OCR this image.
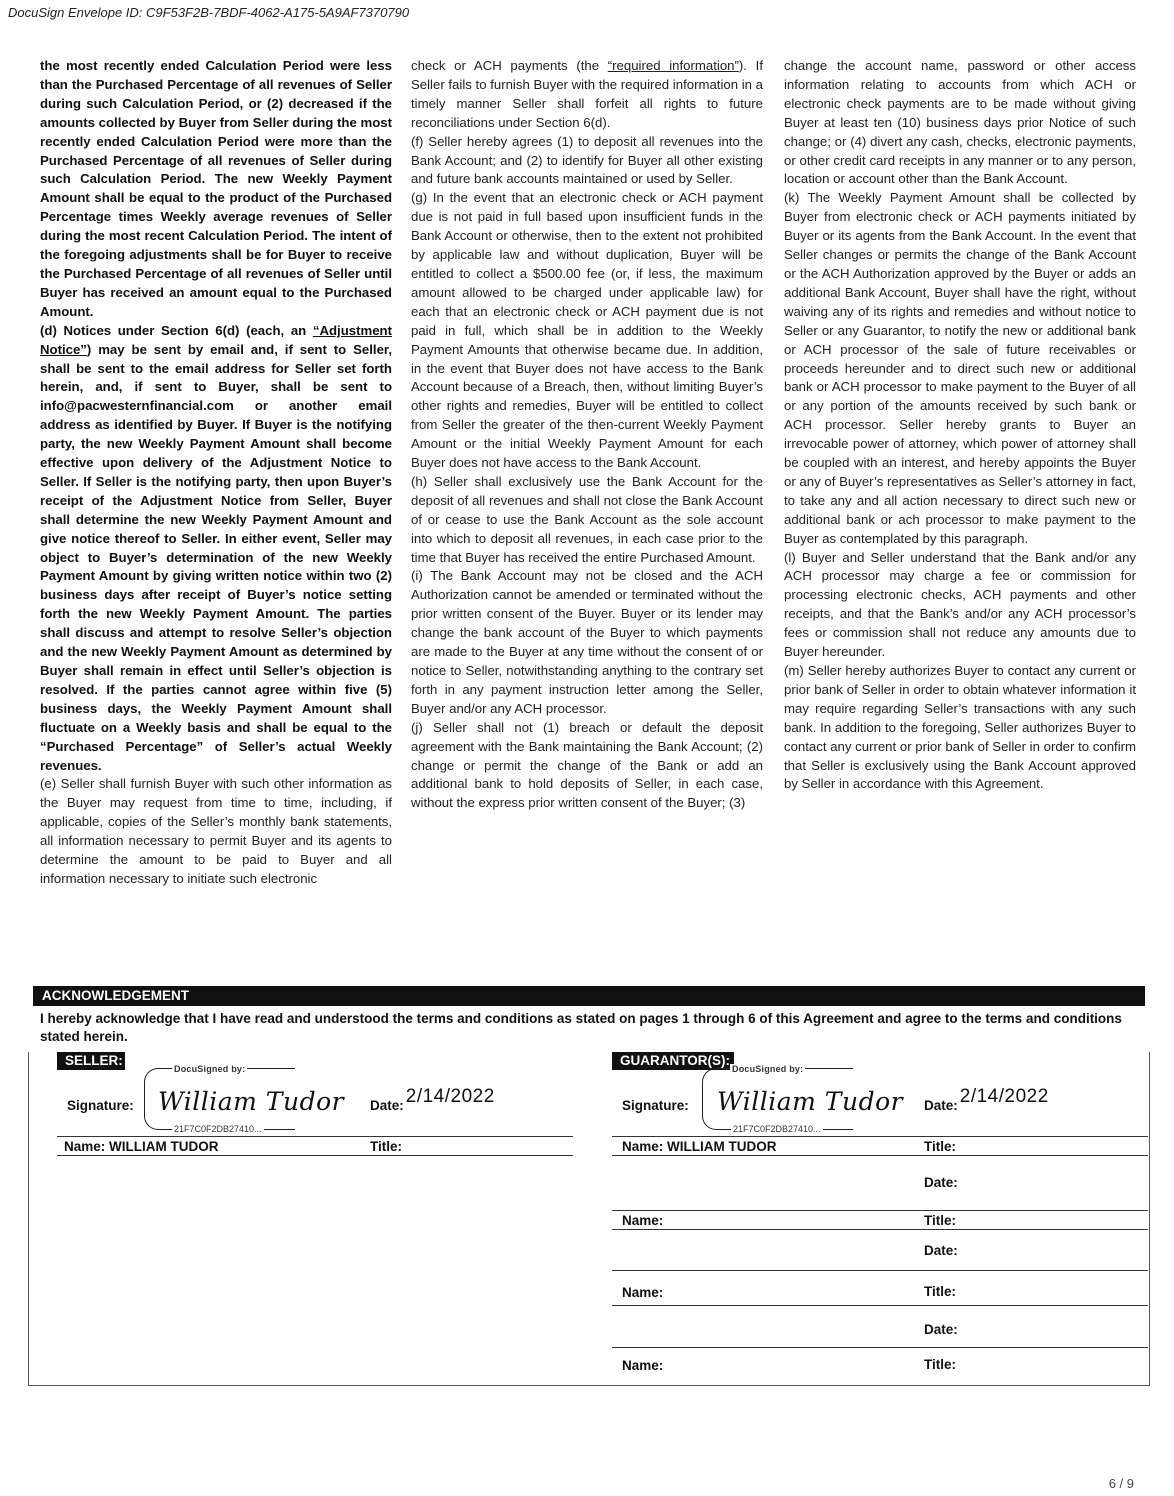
DocuSign Envelope ID: C9F53F2B-7BDF-4062-A175-5A9AF7370790

the most recently ended Calculation Period were less than the Purchased Percentage of all revenues of Seller during such Calculation Period, or (2) decreased if the amounts collected by Buyer from Seller during the most recently ended Calculation Period were more than the Purchased Percentage of all revenues of Seller during such Calculation Period. The new Weekly Payment Amount shall be equal to the product of the Purchased Percentage times Weekly average revenues of Seller during the most recent Calculation Period. The intent of the foregoing adjustments shall be for Buyer to receive the Purchased Percentage of all revenues of Seller until Buyer has received an amount equal to the Purchased Amount.

(d) Notices under Section 6(d) (each, an “Adjustment Notice”) may be sent by email and, if sent to Seller, shall be sent to the email address for Seller set forth herein, and, if sent to Buyer, shall be sent to info@pacwesternfinancial.com or another email address as identified by Buyer. If Buyer is the notifying party, the new Weekly Payment Amount shall become effective upon delivery of the Adjustment Notice to Seller. If Seller is the notifying party, then upon Buyer’s receipt of the Adjustment Notice from Seller, Buyer shall determine the new Weekly Payment Amount and give notice thereof to Seller. In either event, Seller may object to Buyer’s determination of the new Weekly Payment Amount by giving written notice within two (2) business days after receipt of Buyer’s notice setting forth the new Weekly Payment Amount. The parties shall discuss and attempt to resolve Seller’s objection and the new Weekly Payment Amount as determined by Buyer shall remain in effect until Seller’s objection is resolved. If the parties cannot agree within five (5) business days, the Weekly Payment Amount shall fluctuate on a Weekly basis and shall be equal to the “Purchased Percentage” of Seller’s actual Weekly revenues.

(e) Seller shall furnish Buyer with such other information as the Buyer may request from time to time, including, if applicable, copies of the Seller’s monthly bank statements, all information necessary to permit Buyer and its agents to determine the amount to be paid to Buyer and all information necessary to initiate such electronic

check or ACH payments (the “required information”). If Seller fails to furnish Buyer with the required information in a timely manner Seller shall forfeit all rights to future reconciliations under Section 6(d).

(f) Seller hereby agrees (1) to deposit all revenues into the Bank Account; and (2) to identify for Buyer all other existing and future bank accounts maintained or used by Seller.

(g) In the event that an electronic check or ACH payment due is not paid in full based upon insufficient funds in the Bank Account or otherwise, then to the extent not prohibited by applicable law and without duplication, Buyer will be entitled to collect a $500.00 fee (or, if less, the maximum amount allowed to be charged under applicable law) for each that an electronic check or ACH payment due is not paid in full, which shall be in addition to the Weekly Payment Amounts that otherwise became due. In addition, in the event that Buyer does not have access to the Bank Account because of a Breach, then, without limiting Buyer’s other rights and remedies, Buyer will be entitled to collect from Seller the greater of the then-current Weekly Payment Amount or the initial Weekly Payment Amount for each Buyer does not have access to the Bank Account.

(h) Seller shall exclusively use the Bank Account for the deposit of all revenues and shall not close the Bank Account of or cease to use the Bank Account as the sole account into which to deposit all revenues, in each case prior to the time that Buyer has received the entire Purchased Amount.

(i) The Bank Account may not be closed and the ACH Authorization cannot be amended or terminated without the prior written consent of the Buyer. Buyer or its lender may change the bank account of the Buyer to which payments are made to the Buyer at any time without the consent of or notice to Seller, notwithstanding anything to the contrary set forth in any payment instruction letter among the Seller, Buyer and/or any ACH processor.

(j) Seller shall not (1) breach or default the deposit agreement with the Bank maintaining the Bank Account; (2) change or permit the change of the Bank or add an additional bank to hold deposits of Seller, in each case, without the express prior written consent of the Buyer; (3)

change the account name, password or other access information relating to accounts from which ACH or electronic check payments are to be made without giving Buyer at least ten (10) business days prior Notice of such change; or (4) divert any cash, checks, electronic payments, or other credit card receipts in any manner or to any person, location or account other than the Bank Account.

(k) The Weekly Payment Amount shall be collected by Buyer from electronic check or ACH payments initiated by Buyer or its agents from the Bank Account. In the event that Seller changes or permits the change of the Bank Account or the ACH Authorization approved by the Buyer or adds an additional Bank Account, Buyer shall have the right, without waiving any of its rights and remedies and without notice to Seller or any Guarantor, to notify the new or additional bank or ACH processor of the sale of future receivables or proceeds hereunder and to direct such new or additional bank or ACH processor to make payment to the Buyer of all or any portion of the amounts received by such bank or ACH processor. Seller hereby grants to Buyer an irrevocable power of attorney, which power of attorney shall be coupled with an interest, and hereby appoints the Buyer or any of Buyer’s representatives as Seller’s attorney in fact, to take any and all action necessary to direct such new or additional bank or ach processor to make payment to the Buyer as contemplated by this paragraph.

(l) Buyer and Seller understand that the Bank and/or any ACH processor may charge a fee or commission for processing electronic checks, ACH payments and other receipts, and that the Bank’s and/or any ACH processor’s fees or commission shall not reduce any amounts due to Buyer hereunder.

(m) Seller hereby authorizes Buyer to contact any current or prior bank of Seller in order to obtain whatever information it may require regarding Seller’s transactions with any such bank. In addition to the foregoing, Seller authorizes Buyer to contact any current or prior bank of Seller in order to confirm that Seller is exclusively using the Bank Account approved by Seller in accordance with this Agreement.

ACKNOWLEDGEMENT
I hereby acknowledge that I have read and understood the terms and conditions as stated on pages 1 through 6 of this Agreement and agree to the terms and conditions stated herein.
SELLER:	GUARANTOR(S):
Signature:
DocuSigned by:
William Tudor
21F7C0F2DB27410...
Date: 2/14/2022
Name: WILLIAM TUDOR	Title:
Signature:
DocuSigned by:
William Tudor
21F7C0F2DB27410...
Date: 2/14/2022
Name: WILLIAM TUDOR	Title:
Date:
Name:	Title:
Date:
Name:	Title:
Date:
Name:	Title:
6 / 9
